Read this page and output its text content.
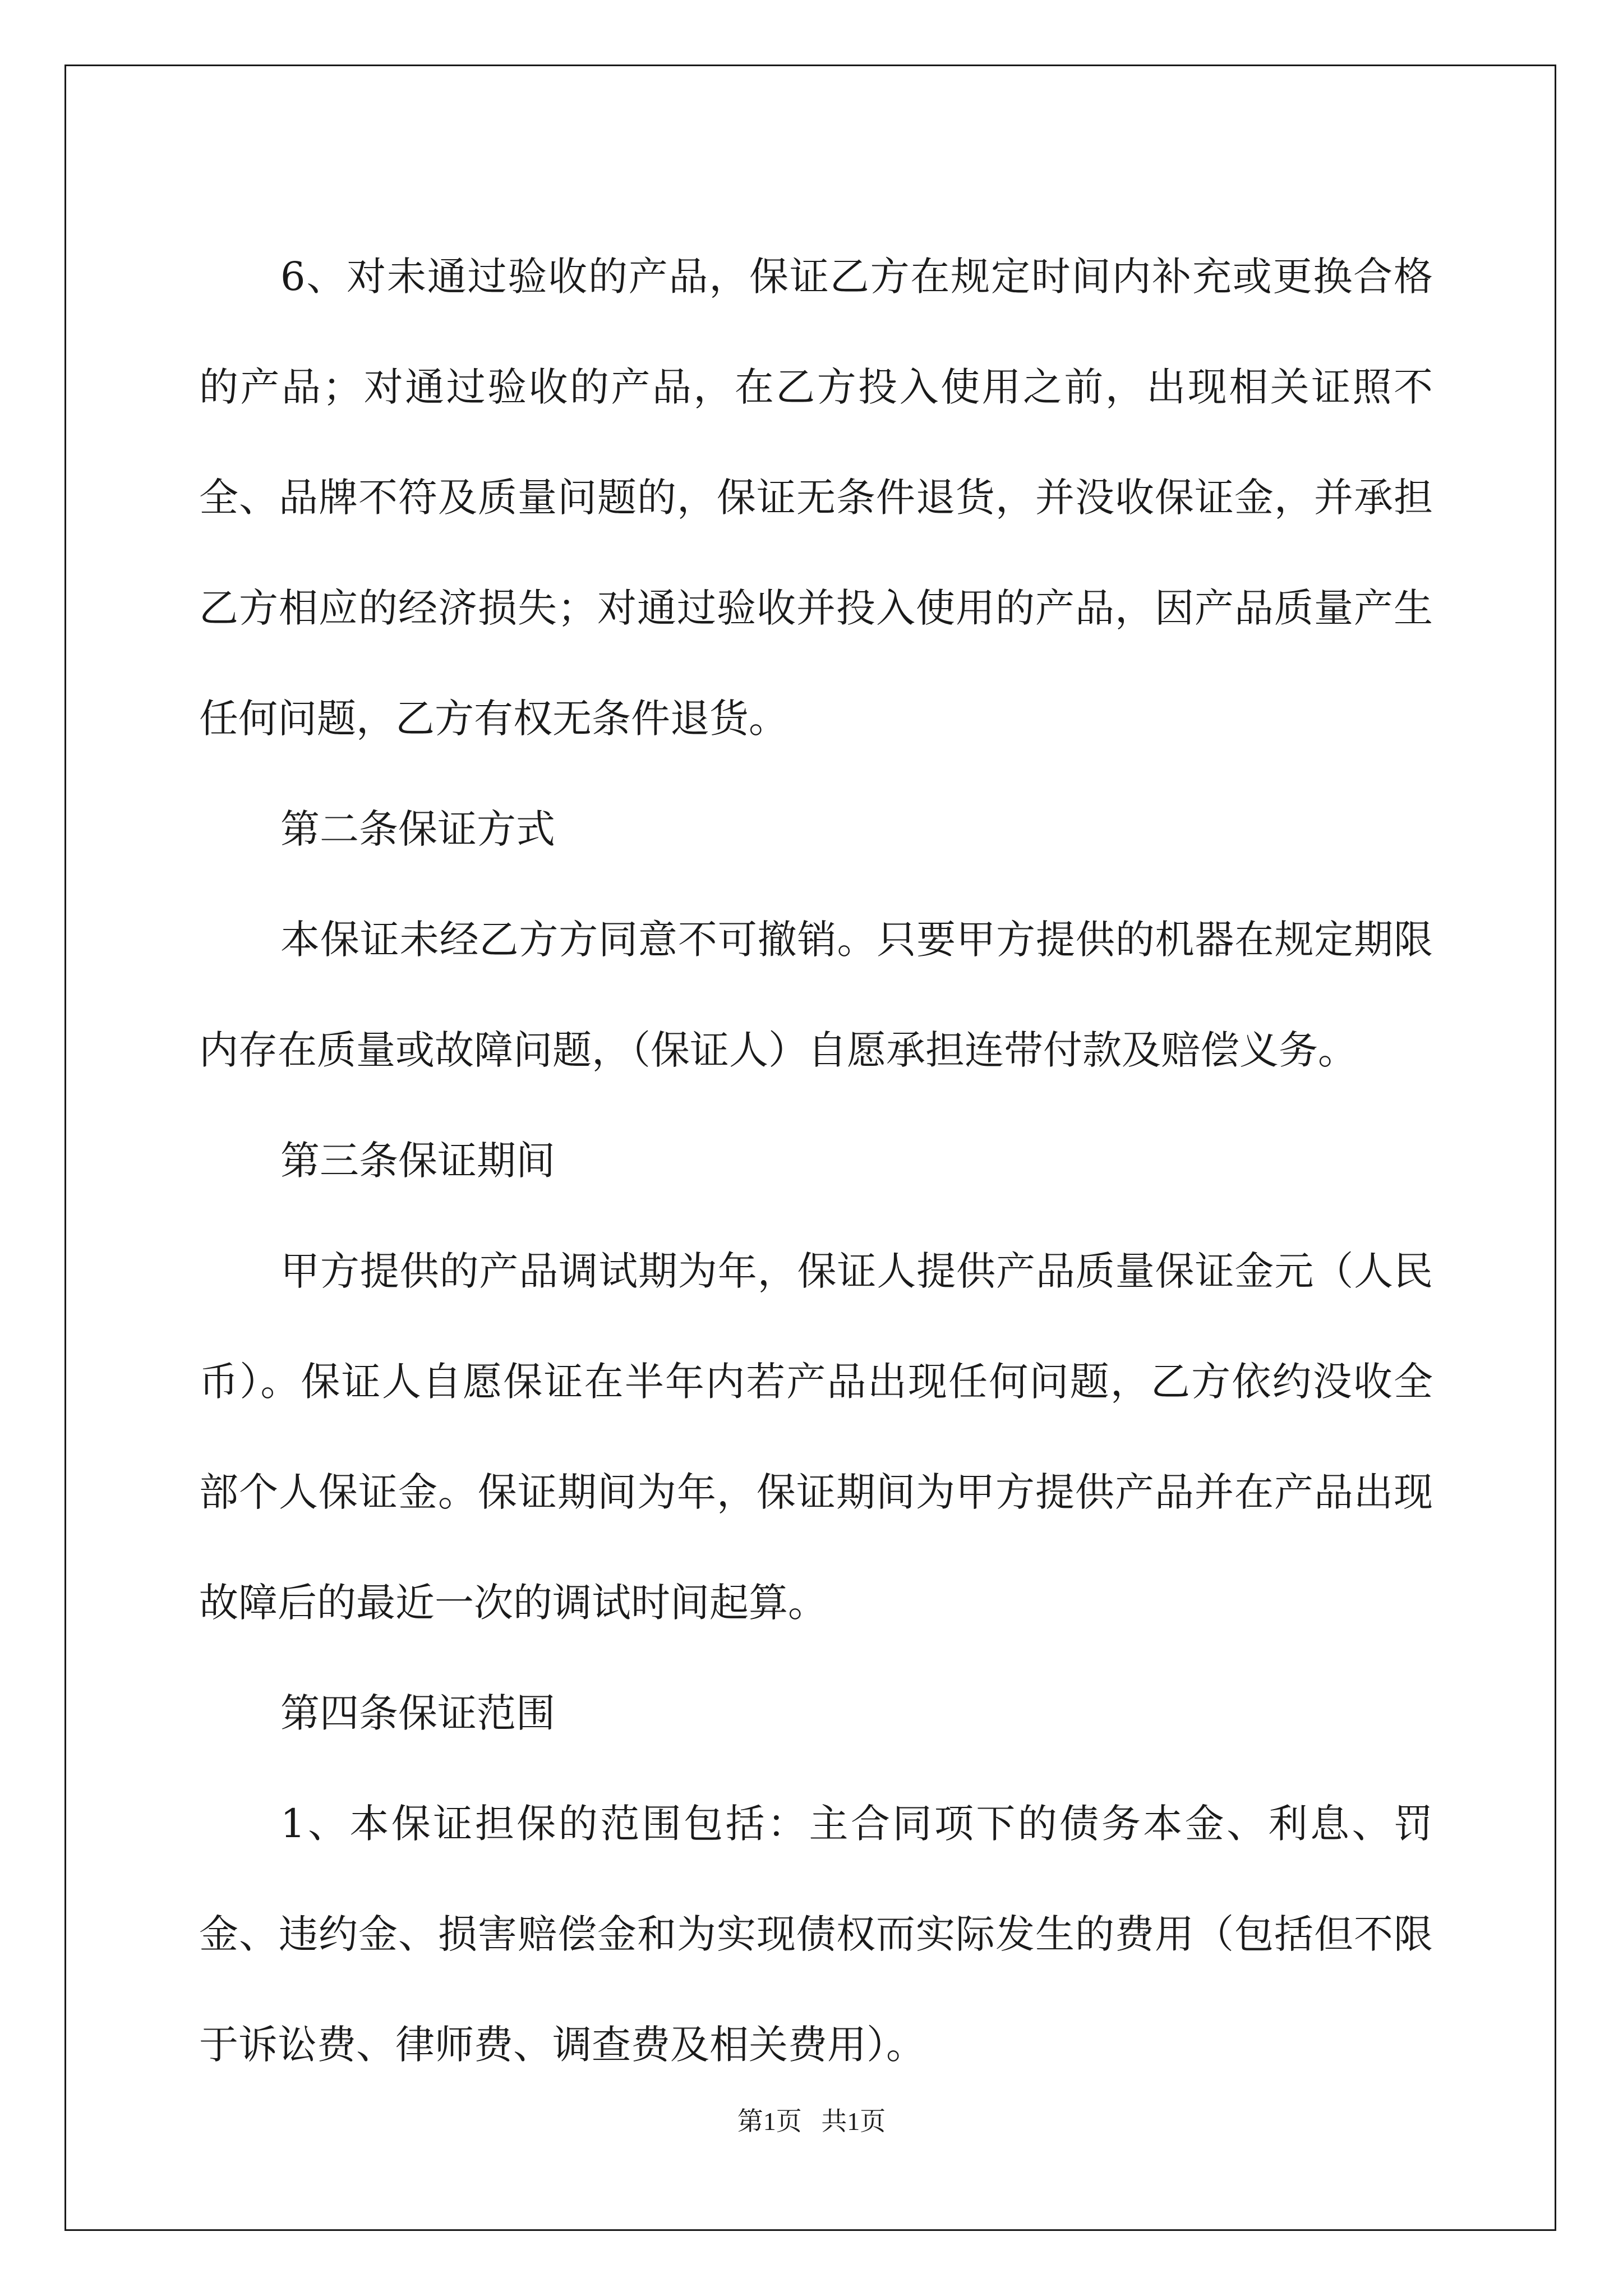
6、对未通过验收的产品，保证乙方在规定时间内补充或更换合格的产品；对通过验收的产品，在乙方投入使用之前，出现相关证照不全、品牌不符及质量问题的，保证无条件退货，并没收保证金，并承担乙方相应的经济损失；对通过验收并投入使用的产品，因产品质量产生任何问题，乙方有权无条件退货。

第二条保证方式

本保证未经乙方方同意不可撤销。只要甲方提供的机器在规定期限内存在质量或故障问题，（保证人）自愿承担连带付款及赔偿义务。

第三条保证期间

甲方提供的产品调试期为年，保证人提供产品质量保证金元（人民币）。保证人自愿保证在半年内若产品出现任何问题，乙方依约没收全部个人保证金。保证期间为年，保证期间为甲方提供产品并在产品出现故障后的最近一次的调试时间起算。

第四条保证范围

1、本保证担保的范围包括：主合同项下的债务本金、利息、罚金、违约金、损害赔偿金和为实现债权而实际发生的费用（包括但不限于诉讼费、律师费、调查费及相关费用）。

第1页   共1页
